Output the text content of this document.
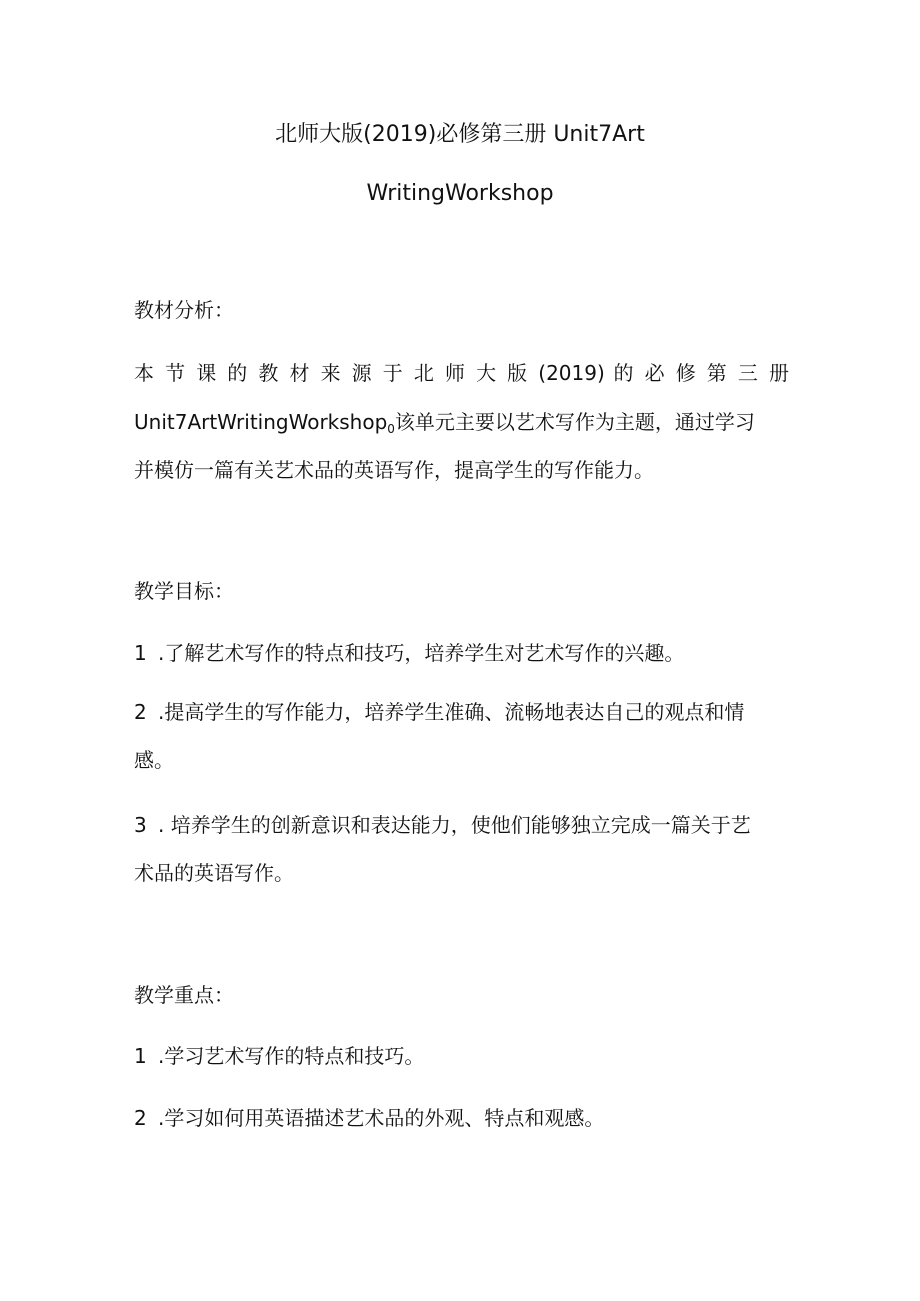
北师大版(2019)必修第三册 Unit7Art
WritingWorkshop
教材分析：
本 节 课 的 教 材 来 源 于 北 师 大 版 (2019) 的 必 修 第 三 册
Unit7ArtWritingWorkshop$_0$该单元主要以艺术写作为主题，通过学习
并模仿一篇有关艺术品的英语写作，提高学生的写作能力。
教学目标：
1 .了解艺术写作的特点和技巧，培养学生对艺术写作的兴趣。
2 .提高学生的写作能力，培养学生准确、流畅地表达自己的观点和情
感。
3 . 培养学生的创新意识和表达能力，使他们能够独立完成一篇关于艺
术品的英语写作。
教学重点：
1 .学习艺术写作的特点和技巧。
2 .学习如何用英语描述艺术品的外观、特点和观感。
